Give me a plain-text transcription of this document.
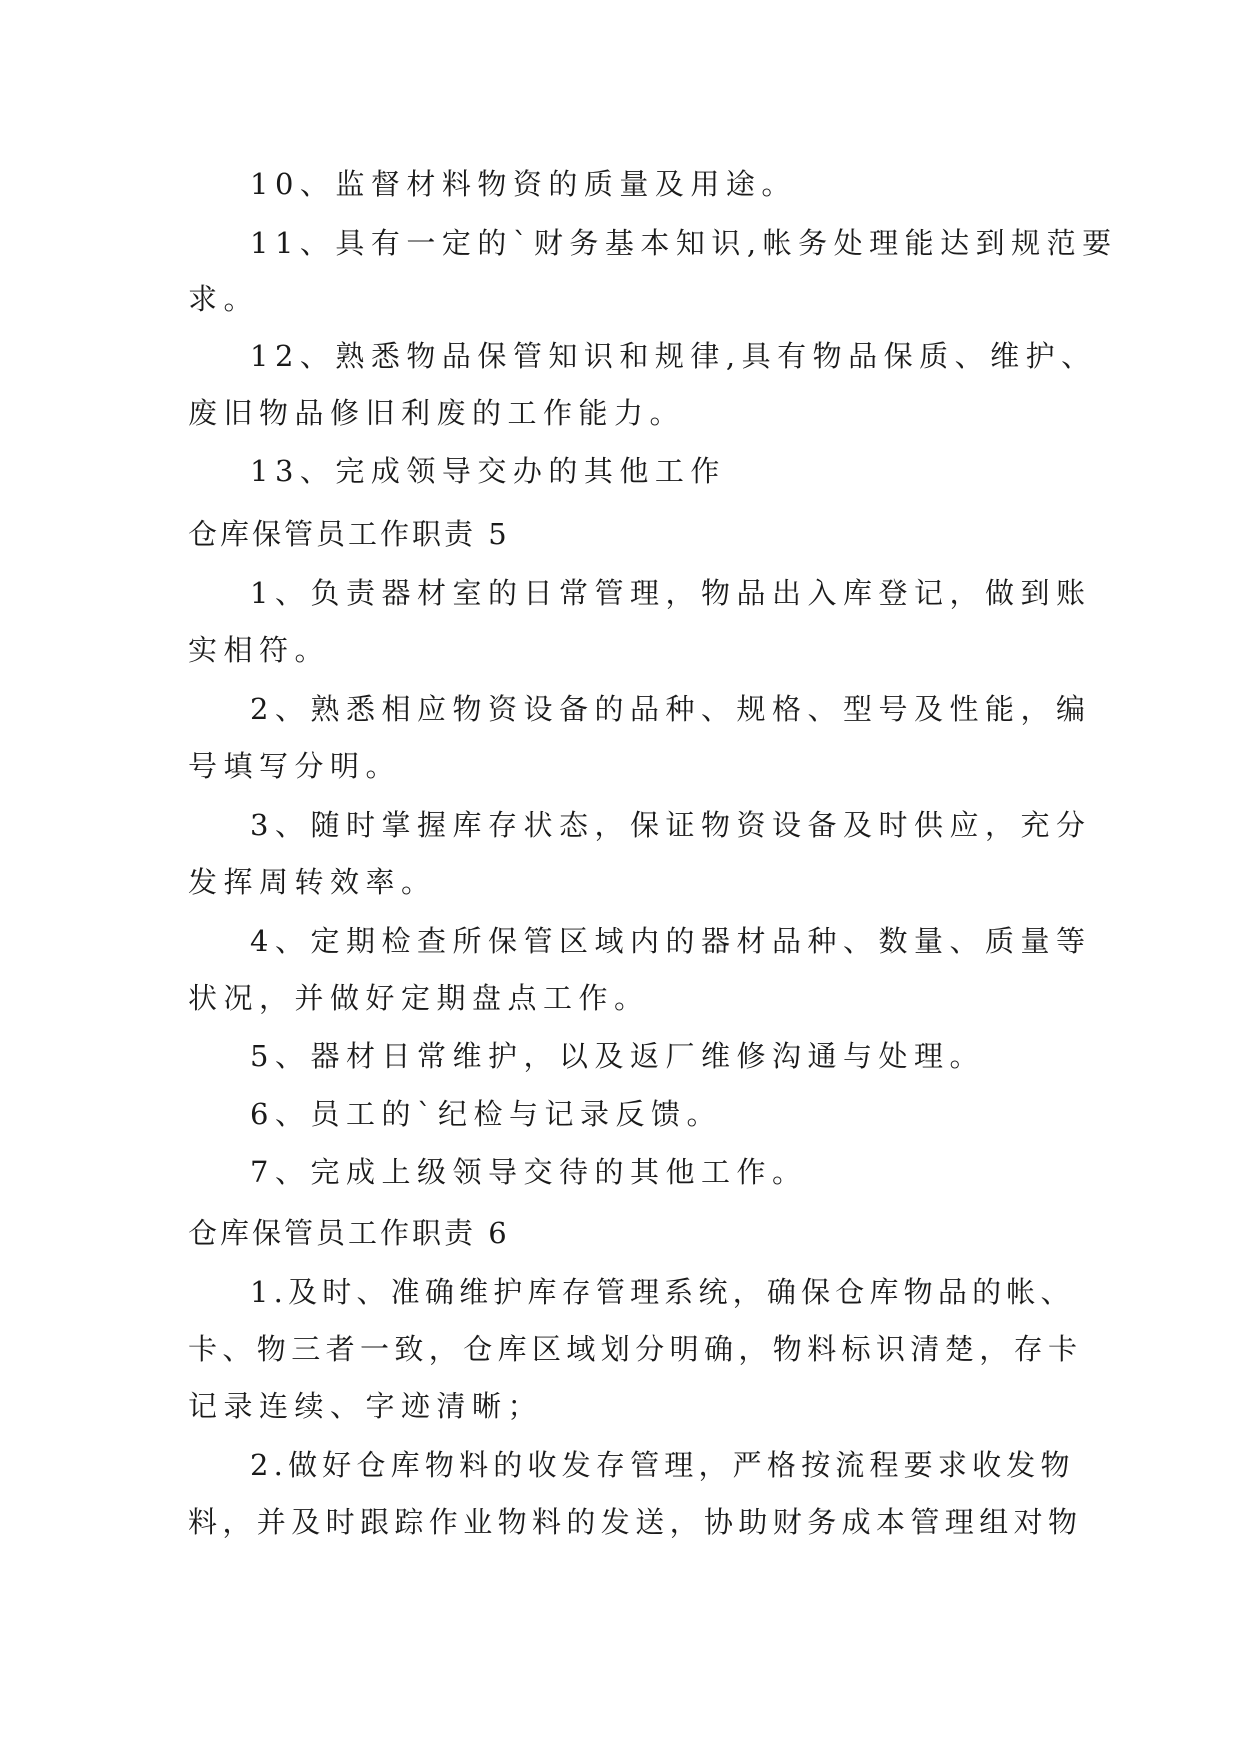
10、监督材料物资的质量及用途。
11、具有一定的`财务基本知识,帐务处理能达到规范要
求。
12、熟悉物品保管知识和规律,具有物品保质、维护、
废旧物品修旧利废的工作能力。
13、完成领导交办的其他工作
仓库保管员工作职责 5
1、负责器材室的日常管理，物品出入库登记，做到账
实相符。
2、熟悉相应物资设备的品种、规格、型号及性能，编
号填写分明。
3、随时掌握库存状态，保证物资设备及时供应，充分
发挥周转效率。
4、定期检查所保管区域内的器材品种、数量、质量等
状况，并做好定期盘点工作。
5、器材日常维护，以及返厂维修沟通与处理。
6、员工的`纪检与记录反馈。
7、完成上级领导交待的其他工作。
仓库保管员工作职责 6
1.及时、准确维护库存管理系统，确保仓库物品的帐、
卡、物三者一致，仓库区域划分明确，物料标识清楚，存卡
记录连续、字迹清晰；
2.做好仓库物料的收发存管理，严格按流程要求收发物
料，并及时跟踪作业物料的发送，协助财务成本管理组对物
